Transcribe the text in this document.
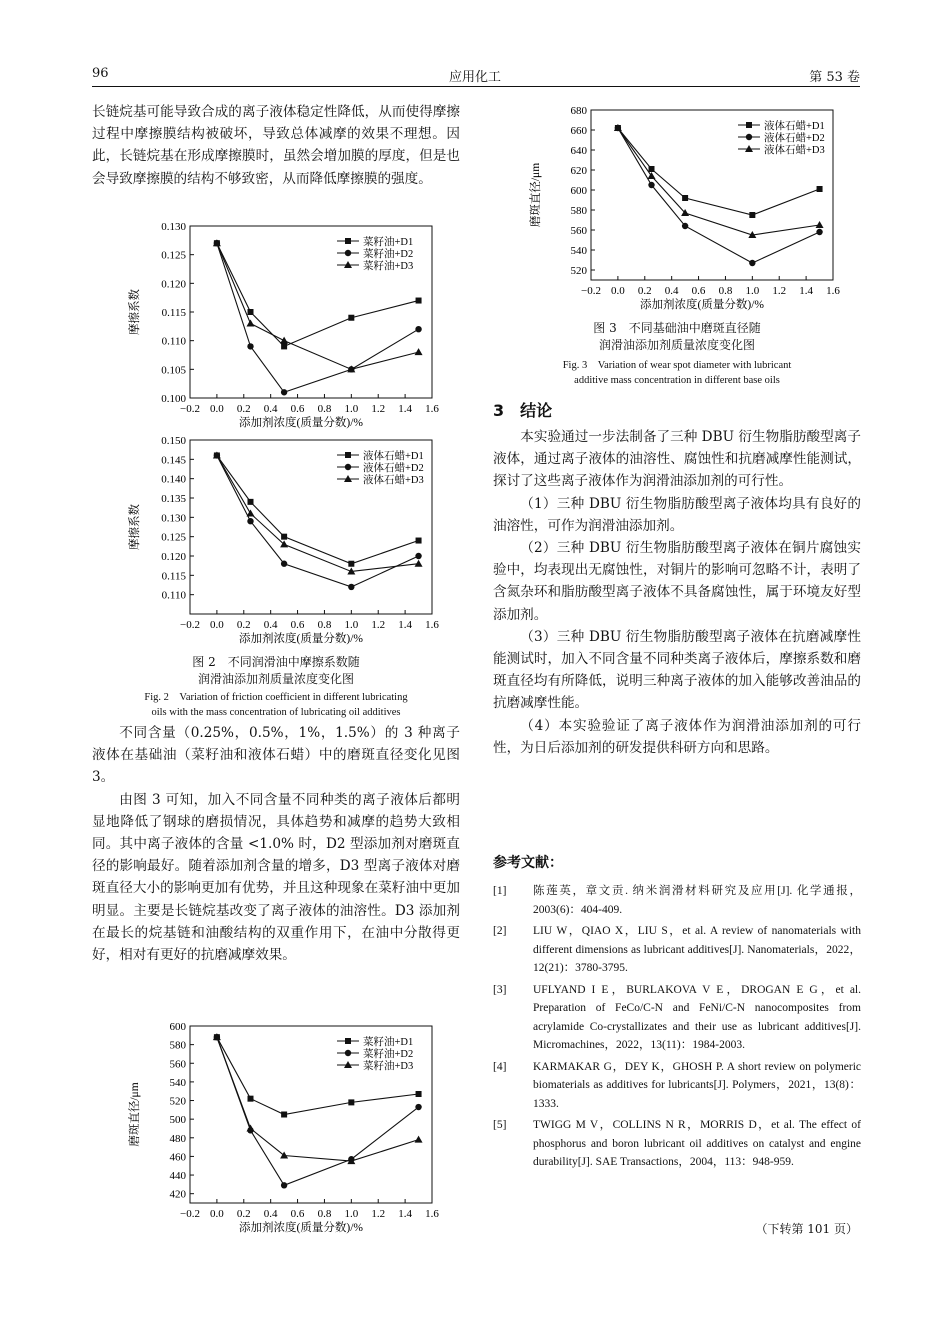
96	应用化工	第 53 卷

长链烷基可能导致合成的离子液体稳定性降低，从而使得摩擦过程中摩擦膜结构被破坏，导致总体减摩的效果不理想。因此，长链烷基在形成摩擦膜时，虽然会增加膜的厚度，但是也会导致摩擦膜的结构不够致密，从而降低摩擦膜的强度。

0.100
0.105
0.110
0.115
0.120
0.125
0.130
−0.2 0.0 0.2 0.4 0.6 0.8 1.0 1.2 1.4 1.6
添加剂浓度(质量分数)/%
摩擦系数
菜籽油+D1
菜籽油+D2
菜籽油+D3
0.110
0.115
0.120
0.125
0.130
0.135
0.140
0.145
0.150
−0.2 0.0 0.2 0.4 0.6 0.8 1.0 1.2 1.4 1.6
添加剂浓度(质量分数)/%
摩擦系数
液体石蜡+D1
液体石蜡+D2
液体石蜡+D3
图 2　不同润滑油中摩擦系数随
润滑油添加剂质量浓度变化图
Fig. 2　Variation of friction coefficient in different lubricating
oils with the mass concentration of lubricating oil additives

不同含量（0.25%，0.5%，1%，1.5%）的 3 种离子液体在基础油（菜籽油和液体石蜡）中的磨斑直径变化见图 3。

由图 3 可知，加入不同含量不同种类的离子液体后都明显地降低了钢球的磨损情况，具体趋势和减摩的趋势大致相同。其中离子液体的含量 <1.0% 时，D2 型添加剂对磨斑直径的影响最好。随着添加剂含量的增多，D3 型离子液体对磨斑直径大小的影响更加有优势，并且这种现象在菜籽油中更加明显。主要是长链烷基改变了离子液体的油溶性。D3 添加剂在最长的烷基链和油酸结构的双重作用下，在油中分散得更好，相对有更好的抗磨减摩效果。

420
440
460
480
500
520
540
560
580
600
−0.2 0.0 0.2 0.4 0.6 0.8 1.0 1.2 1.4 1.6
添加剂浓度(质量分数)/%
磨斑直径/μm
菜籽油+D1
菜籽油+D2
菜籽油+D3
520
540
560
580
600
620
640
660
680
−0.2 0.0 0.2 0.4 0.6 0.8 1.0 1.2 1.4 1.6
添加剂浓度(质量分数)/%
磨斑直径/μm
液体石蜡+D1
液体石蜡+D2
液体石蜡+D3
图 3　不同基础油中磨斑直径随
润滑油添加剂质量浓度变化图
Fig. 3　Variation of wear spot diameter with lubricant
additive mass concentration in different base oils
3　结论

本实验通过一步法制备了三种 DBU 衍生物脂肪酸型离子液体，通过离子液体的油溶性、腐蚀性和抗磨减摩性能测试，探讨了这些离子液体作为润滑油添加剂的可行性。

（1）三种 DBU 衍生物脂肪酸型离子液体均具有良好的油溶性，可作为润滑油添加剂。

（2）三种 DBU 衍生物脂肪酸型离子液体在铜片腐蚀实验中，均表现出无腐蚀性，对铜片的影响可忽略不计，表明了含氮杂环和脂肪酸型离子液体不具备腐蚀性，属于环境友好型添加剂。

（3）三种 DBU 衍生物脂肪酸型离子液体在抗磨减摩性能测试时，加入不同含量不同种类离子液体后，摩擦系数和磨斑直径均有所降低，说明三种离子液体的加入能够改善油品的抗磨减摩性能。

（4）本实验验证了离子液体作为润滑油添加剂的可行性，为日后添加剂的研发提供科研方向和思路。

参考文献：
[1]	陈莲英，章文贡. 纳米润滑材料研究及应用[J]. 化学通报，2003(6)：404-409.
[2]	LIU W，QIAO X，LIU S，et al. A review of nanomaterials with different dimensions as lubricant additives[J]. Nanomaterials，2022，12(21)：3780-3795.
[3]	UFLYAND I E，BURLAKOVA V E，DROGAN E G，et al. Preparation of FeCo/C-N and FeNi/C-N nanocomposites from acrylamide Co-crystallizates and their use as lubricant additives[J]. Micromachines，2022，13(11)：1984-2003.
[4]	KARMAKAR G，DEY K，GHOSH P. A short review on polymeric biomaterials as additives for lubricants[J]. Polymers，2021，13(8)：1333.
[5]	TWIGG M V，COLLINS N R，MORRIS D，et al. The effect of phosphorus and boron lubricant oil additives on catalyst and engine durability[J]. SAE Transactions，2004，113：948-959.
（下转第 101 页）
